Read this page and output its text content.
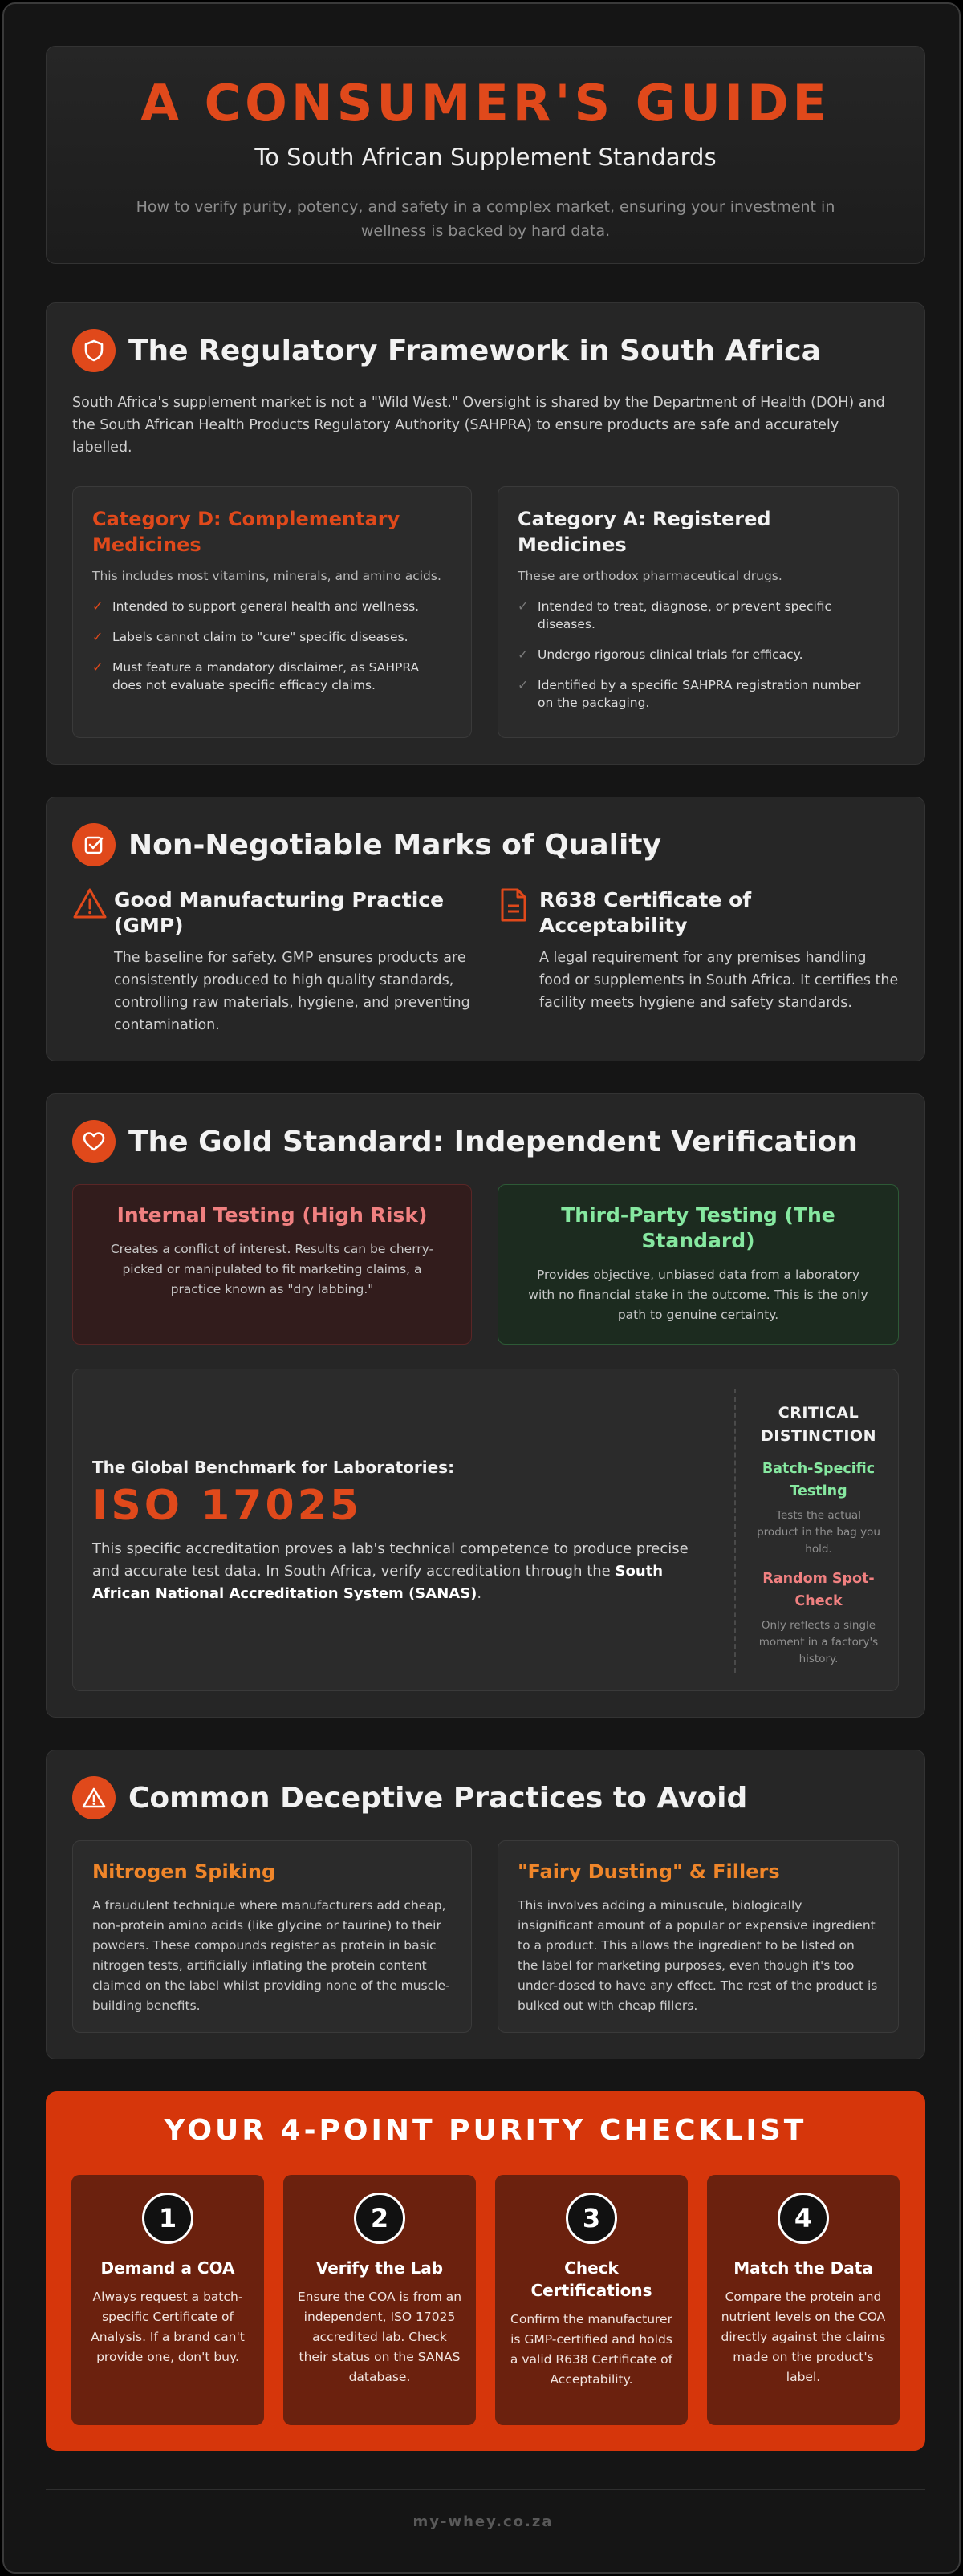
A CONSUMER'S GUIDE
To South African Supplement Standards

How to verify purity, potency, and safety in a complex market, ensuring your investment in wellness is backed by hard data.

The Regulatory Framework in South Africa

South Africa's supplement market is not a "Wild West." Oversight is shared by the Department of Health (DOH) and the South African Health Products Regulatory Authority (SAHPRA) to ensure products are safe and accurately labelled.

Category D: Complementary Medicines
This includes most vitamins, minerals, and amino acids.
✓ Intended to support general health and wellness.
✓ Labels cannot claim to "cure" specific diseases.
✓ Must feature a mandatory disclaimer, as SAHPRA does not evaluate specific efficacy claims.
Category A: Registered Medicines
These are orthodox pharmaceutical drugs.
✓ Intended to treat, diagnose, or prevent specific diseases.
✓ Undergo rigorous clinical trials for efficacy.
✓ Identified by a specific SAHPRA registration number on the packaging.
Non-Negotiable Marks of Quality
Good Manufacturing Practice (GMP)
The baseline for safety. GMP ensures products are consistently produced to high quality standards, controlling raw materials, hygiene, and preventing contamination.
R638 Certificate of Acceptability
A legal requirement for any premises handling food or supplements in South Africa. It certifies the facility meets hygiene and safety standards.
The Gold Standard: Independent Verification
Internal Testing (High Risk)
Creates a conflict of interest. Results can be cherry-picked or manipulated to fit marketing claims, a practice known as "dry labbing."
Third-Party Testing (The Standard)
Provides objective, unbiased data from a laboratory with no financial stake in the outcome. This is the only path to genuine certainty.
The Global Benchmark for Laboratories:
ISO 17025
This specific accreditation proves a lab's technical competence to produce precise and accurate test data. In South Africa, verify accreditation through the South African National Accreditation System (SANAS).
CRITICAL DISTINCTION
Batch-Specific Testing
Tests the actual product in the bag you hold.
Random Spot-Check
Only reflects a single moment in a factory's history.
Common Deceptive Practices to Avoid
Nitrogen Spiking
A fraudulent technique where manufacturers add cheap, non-protein amino acids (like glycine or taurine) to their powders. These compounds register as protein in basic nitrogen tests, artificially inflating the protein content claimed on the label whilst providing none of the muscle-building benefits.
"Fairy Dusting" & Fillers
This involves adding a minuscule, biologically insignificant amount of a popular or expensive ingredient to a product. This allows the ingredient to be listed on the label for marketing purposes, even though it's too under-dosed to have any effect. The rest of the product is bulked out with cheap fillers.
YOUR 4-POINT PURITY CHECKLIST
1
Demand a COA
Always request a batch-specific Certificate of Analysis. If a brand can't provide one, don't buy.
2
Verify the Lab
Ensure the COA is from an independent, ISO 17025 accredited lab. Check their status on the SANAS database.
3
Check Certifications
Confirm the manufacturer is GMP-certified and holds a valid R638 Certificate of Acceptability.
4
Match the Data
Compare the protein and nutrient levels on the COA directly against the claims made on the product's label.
my-whey.co.za
